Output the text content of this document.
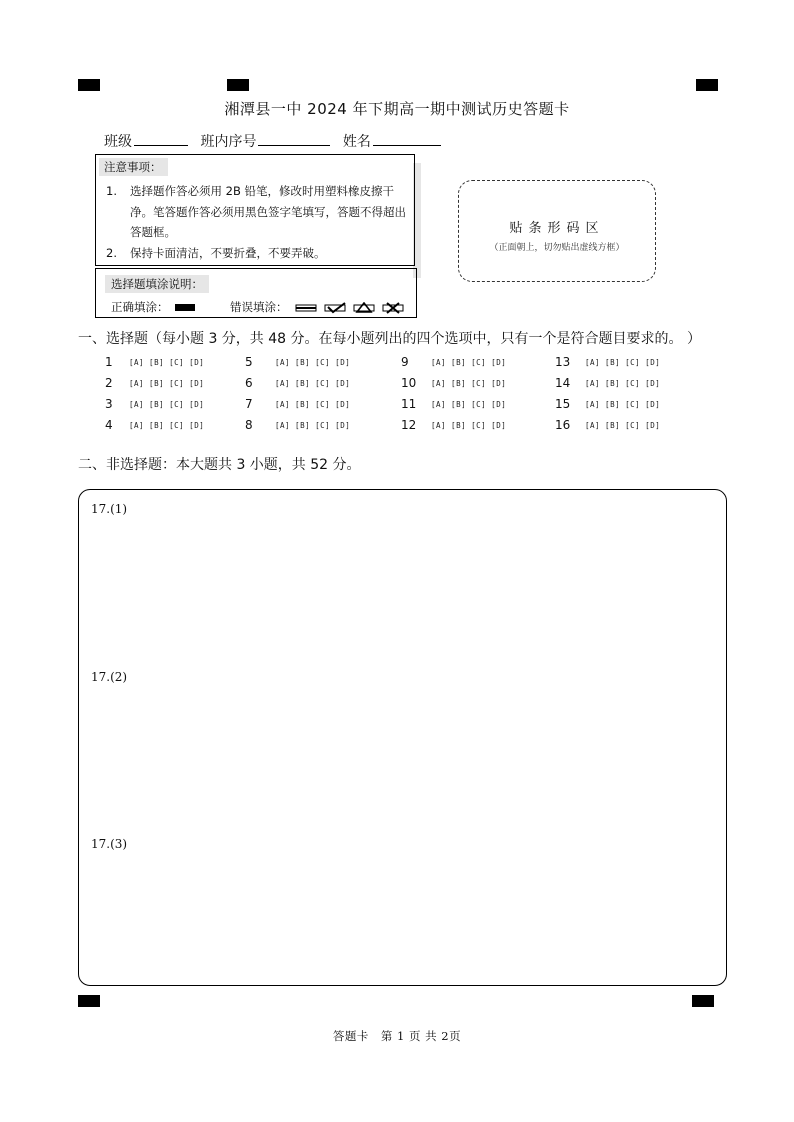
湘潭县一中 2024 年下期高一期中测试历史答题卡
班级	班内序号	姓名
注意事项：
1. 选择题作答必须用 2B 铅笔，修改时用塑料橡皮擦干净。笔答题作答必须用黑色签字笔填写，答题不得超出答题框。
2. 保持卡面清洁，不要折叠，不要弄破。
选择题填涂说明：
正确填涂：	错误填涂：
贴条形码区
（正面朝上，切勿贴出虚线方框）
一、选择题（每小题 3 分，共 48 分。在每小题列出的四个选项中，只有一个是符合题目要求的。 ）
1	[A] [B] [C] [D]	5	[A] [B] [C] [D]	9	[A] [B] [C] [D]	13	[A] [B] [C] [D]
2	[A] [B] [C] [D]	6	[A] [B] [C] [D]	10	[A] [B] [C] [D]	14	[A] [B] [C] [D]
3	[A] [B] [C] [D]	7	[A] [B] [C] [D]	11	[A] [B] [C] [D]	15	[A] [B] [C] [D]
4	[A] [B] [C] [D]	8	[A] [B] [C] [D]	12	[A] [B] [C] [D]	16	[A] [B] [C] [D]
二、非选择题：本大题共 3 小题，共 52 分。
17.(1)
17.(2)
17.(3)
答题卡　第 1 页 共 2页
